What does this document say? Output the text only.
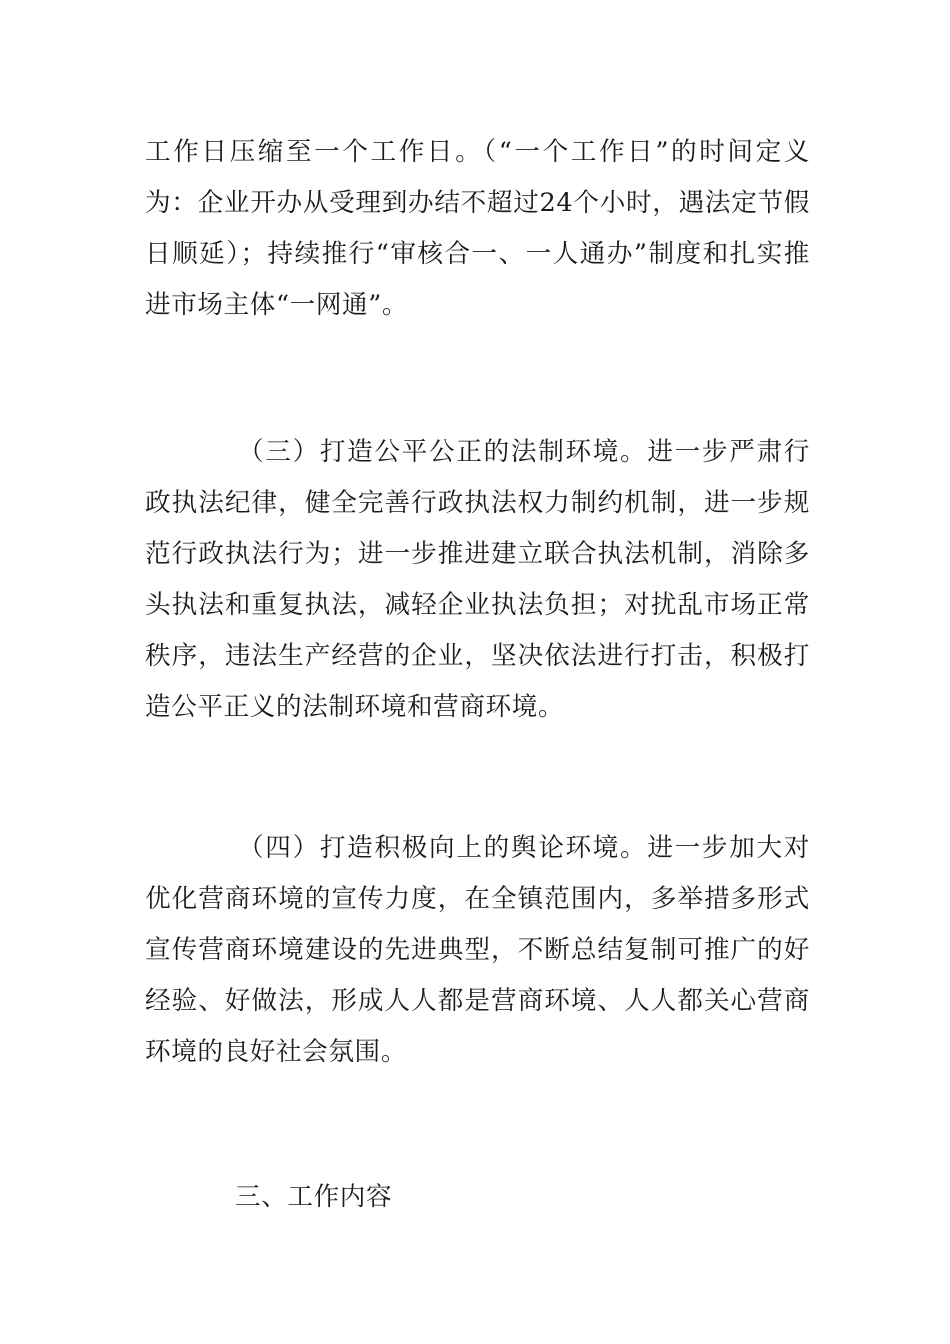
工作日压缩至一个工作日。（“一个工作日”的时间定义为：企业开办从受理到办结不超过24个小时，遇法定节假日顺延）；持续推行“审核合一、一人通办”制度和扎实推进市场主体“一网通”。

（三）打造公平公正的法制环境。进一步严肃行政执法纪律，健全完善行政执法权力制约机制，进一步规范行政执法行为；进一步推进建立联合执法机制，消除多头执法和重复执法，减轻企业执法负担；对扰乱市场正常秩序，违法生产经营的企业，坚决依法进行打击，积极打造公平正义的法制环境和营商环境。

（四）打造积极向上的舆论环境。进一步加大对优化营商环境的宣传力度，在全镇范围内，多举措多形式宣传营商环境建设的先进典型，不断总结复制可推广的好经验、好做法，形成人人都是营商环境、人人都关心营商环境的良好社会氛围。

三、工作内容
